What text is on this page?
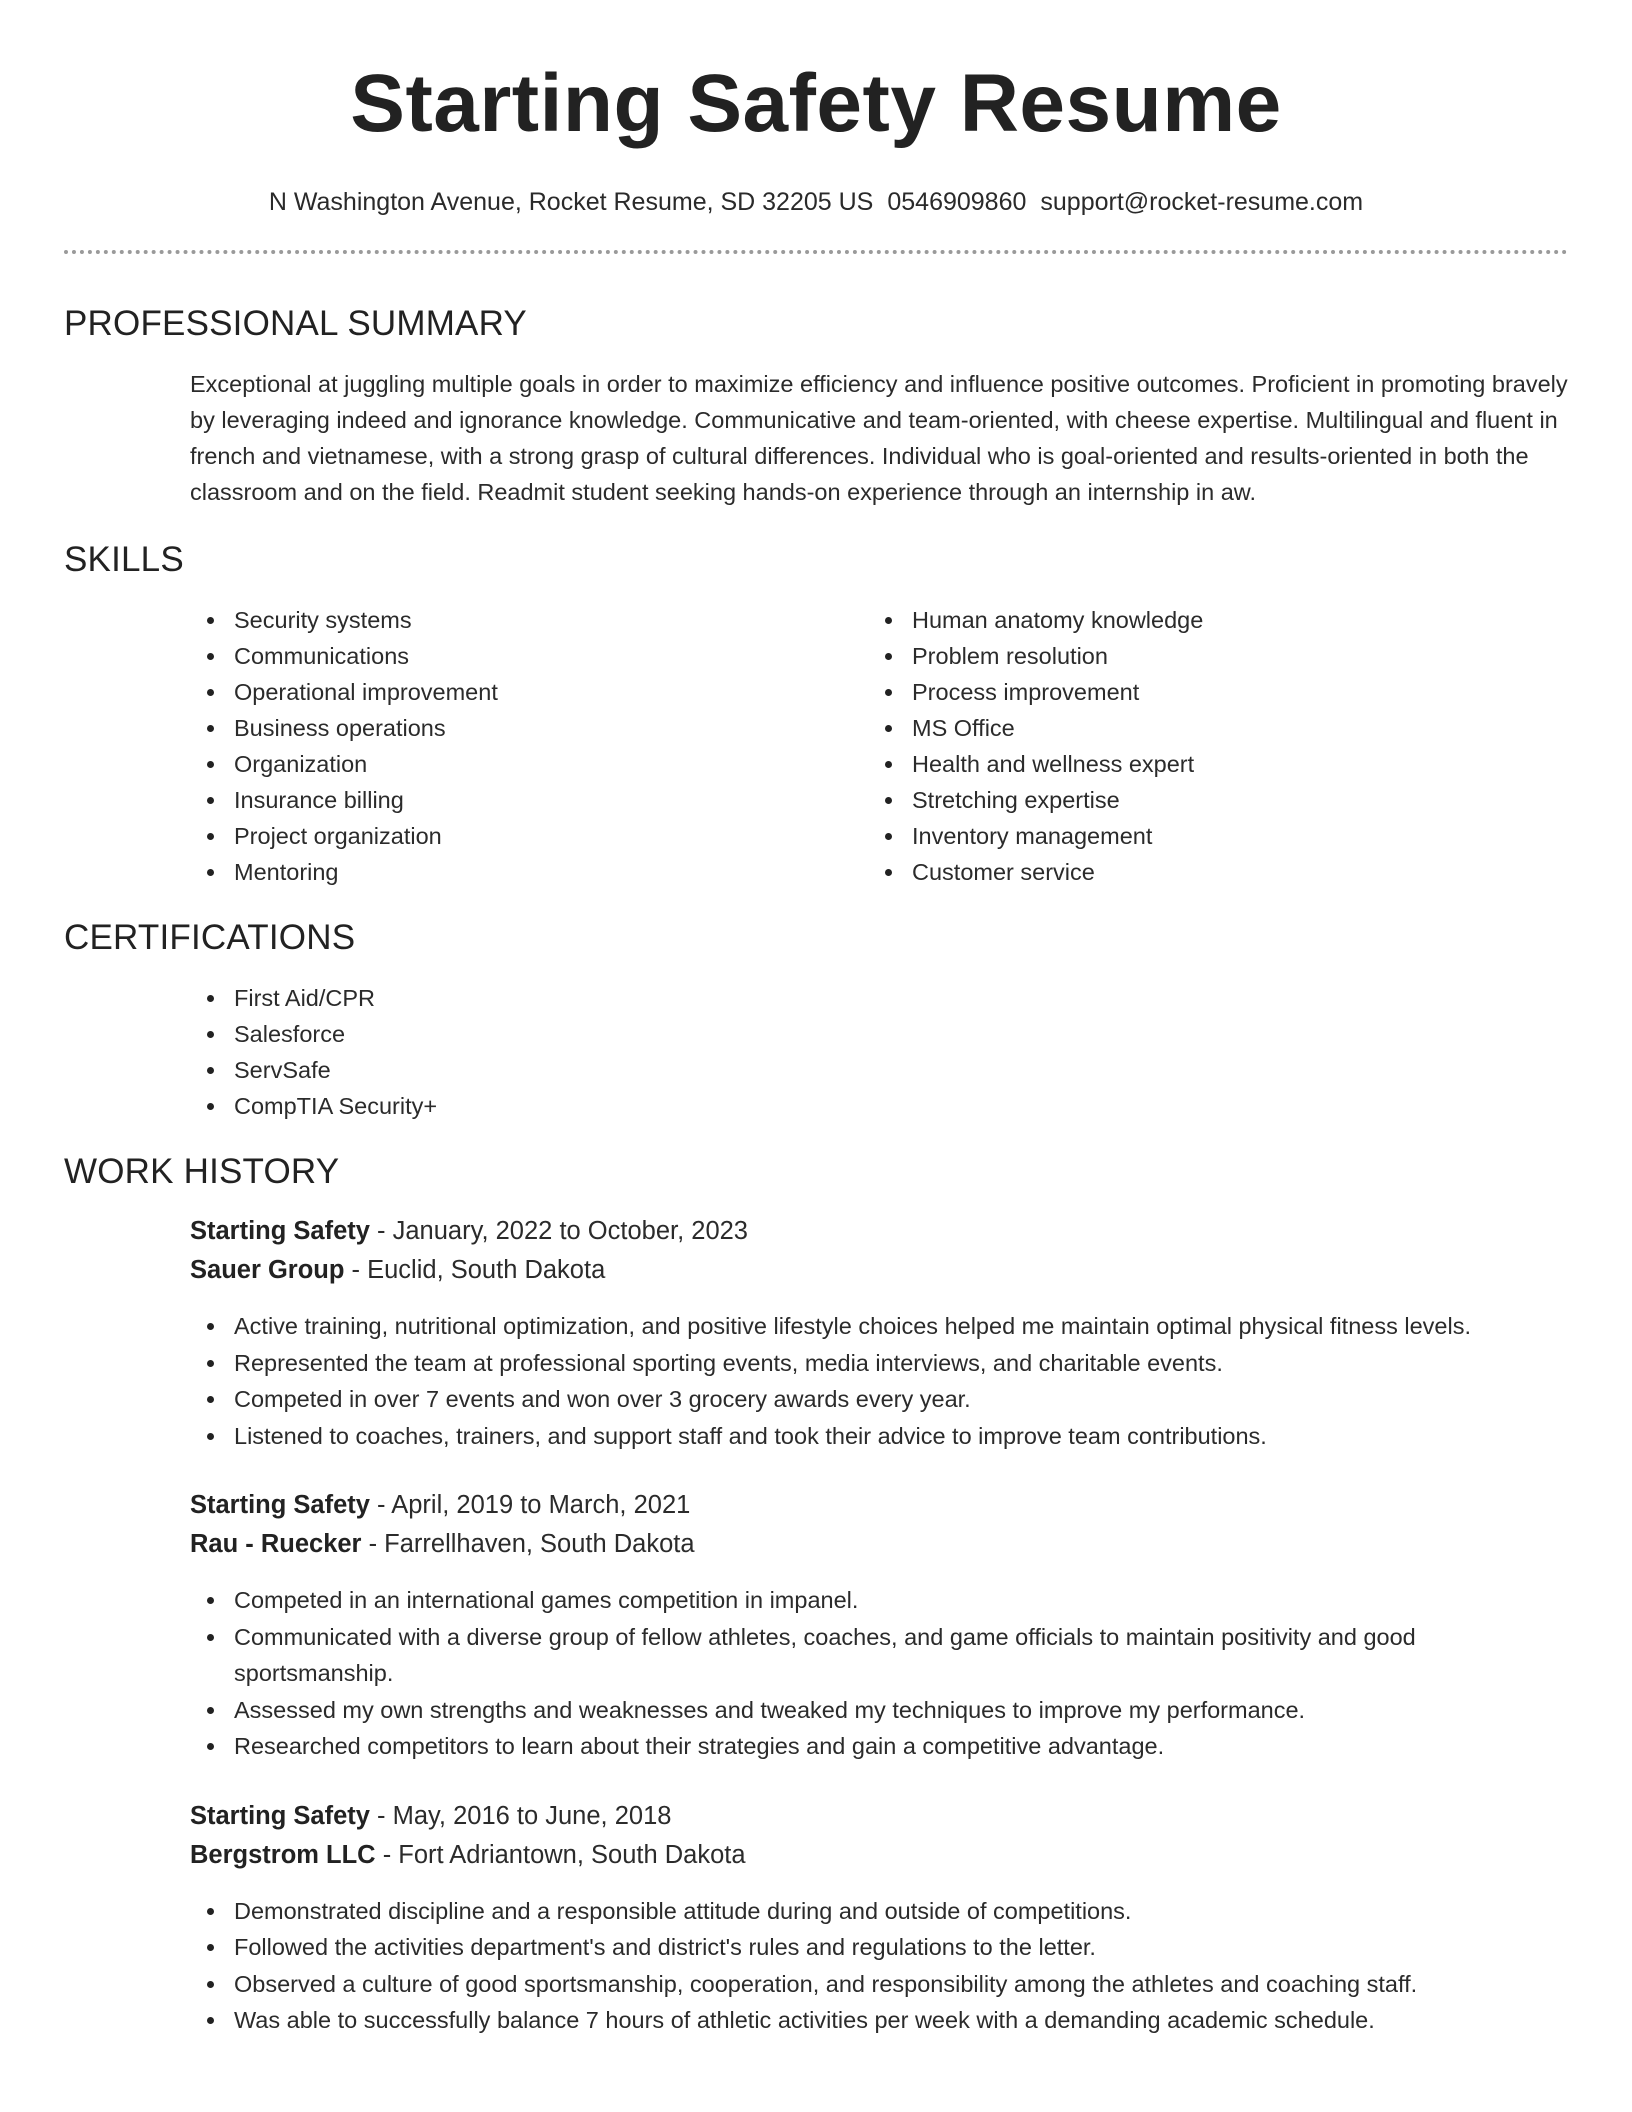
Starting Safety Resume
N Washington Avenue, Rocket Resume, SD 32205 US 0546909860 support@rocket-resume.com
PROFESSIONAL SUMMARY

Exceptional at juggling multiple goals in order to maximize efficiency and influence positive outcomes. Proficient in promoting bravely by leveraging indeed and ignorance knowledge. Communicative and team-oriented, with cheese expertise. Multilingual and fluent in french and vietnamese, with a strong grasp of cultural differences. Individual who is goal-oriented and results-oriented in both the classroom and on the field. Readmit student seeking hands-on experience through an internship in aw.

SKILLS
Security systems
Communications
Operational improvement
Business operations
Organization
Insurance billing
Project organization
Mentoring
Human anatomy knowledge
Problem resolution
Process improvement
MS Office
Health and wellness expert
Stretching expertise
Inventory management
Customer service
CERTIFICATIONS
First Aid/CPR
Salesforce
ServSafe
CompTIA Security+
WORK HISTORY
Starting Safety - January, 2022 to October, 2023
Sauer Group - Euclid, South Dakota
Active training, nutritional optimization, and positive lifestyle choices helped me maintain optimal physical fitness levels.
Represented the team at professional sporting events, media interviews, and charitable events.
Competed in over 7 events and won over 3 grocery awards every year.
Listened to coaches, trainers, and support staff and took their advice to improve team contributions.
Starting Safety - April, 2019 to March, 2021
Rau - Ruecker - Farrellhaven, South Dakota
Competed in an international games competition in impanel.
Communicated with a diverse group of fellow athletes, coaches, and game officials to maintain positivity and good sportsmanship.
Assessed my own strengths and weaknesses and tweaked my techniques to improve my performance.
Researched competitors to learn about their strategies and gain a competitive advantage.
Starting Safety - May, 2016 to June, 2018
Bergstrom LLC - Fort Adriantown, South Dakota
Demonstrated discipline and a responsible attitude during and outside of competitions.
Followed the activities department's and district's rules and regulations to the letter.
Observed a culture of good sportsmanship, cooperation, and responsibility among the athletes and coaching staff.
Was able to successfully balance 7 hours of athletic activities per week with a demanding academic schedule.
